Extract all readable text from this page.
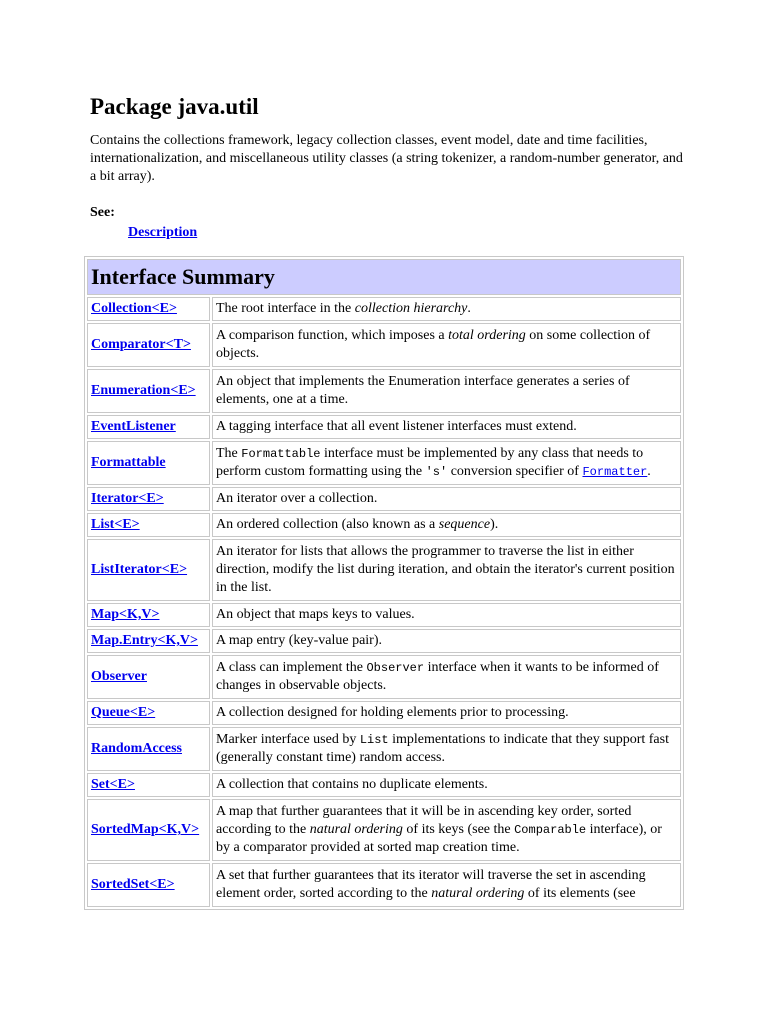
Package java.util
Contains the collections framework, legacy collection classes, event model, date and time facilities, internationalization, and miscellaneous utility classes (a string tokenizer, a random-number generator, and a bit array).
See:
Description
Interface Summary	
Collection<E>	The root interface in the collection hierarchy.
Comparator<T>	A comparison function, which imposes a total ordering on some collection of objects.
Enumeration<E>	An object that implements the Enumeration interface generates a series of elements, one at a time.
EventListener	A tagging interface that all event listener interfaces must extend.
Formattable	The Formattable interface must be implemented by any class that needs to perform custom formatting using the 's' conversion specifier of Formatter.
Iterator<E>	An iterator over a collection.
List<E>	An ordered collection (also known as a sequence).
ListIterator<E>	An iterator for lists that allows the programmer to traverse the list in either direction, modify the list during iteration, and obtain the iterator's current position in the list.
Map<K,V>	An object that maps keys to values.
Map.Entry<K,V>	A map entry (key-value pair).
Observer	A class can implement the Observer interface when it wants to be informed of changes in observable objects.
Queue<E>	A collection designed for holding elements prior to processing.
RandomAccess	Marker interface used by List implementations to indicate that they support fast (generally constant time) random access.
Set<E>	A collection that contains no duplicate elements.
SortedMap<K,V>	A map that further guarantees that it will be in ascending key order, sorted according to the natural ordering of its keys (see the Comparable interface), or by a comparator provided at sorted map creation time.
SortedSet<E>	A set that further guarantees that its iterator will traverse the set in ascending element order, sorted according to the natural ordering of its elements (see
